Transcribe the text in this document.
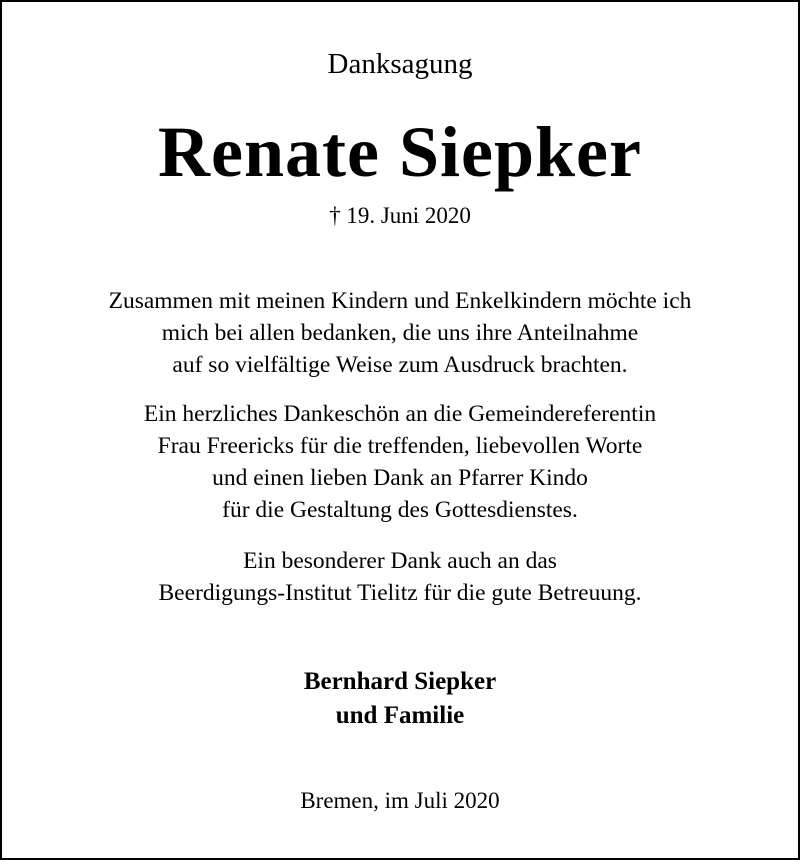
Danksagung
Renate Siepker
† 19. Juni 2020
Zusammen mit meinen Kindern und Enkelkindern möchte ich
mich bei allen bedanken, die uns ihre Anteilnahme
auf so vielfältige Weise zum Ausdruck brachten.
Ein herzliches Dankeschön an die Gemeindereferentin
Frau Freericks für die treffenden, liebevollen Worte
und einen lieben Dank an Pfarrer Kindo
für die Gestaltung des Gottesdienstes.
Ein besonderer Dank auch an das
Beerdigungs-Institut Tielitz für die gute Betreuung.
Bernhard Siepker
und Familie
Bremen, im Juli 2020
